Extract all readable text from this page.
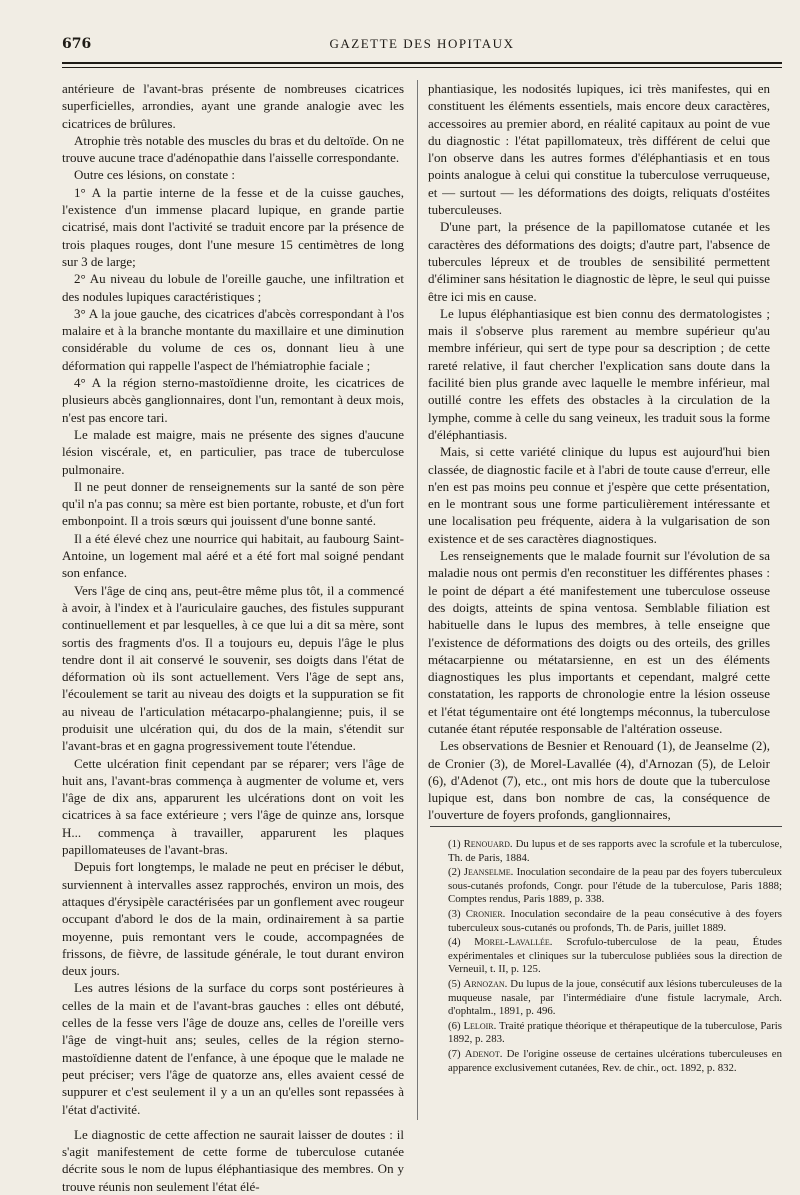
676	GAZETTE DES HOPITAUX

antérieure de l'avant-bras présente de nombreuses cicatrices superficielles, arrondies, ayant une grande analogie avec les cicatrices de brûlures.

Atrophie très notable des muscles du bras et du deltoïde. On ne trouve aucune trace d'adénopathie dans l'aisselle correspondante.

Outre ces lésions, on constate :

1° A la partie interne de la fesse et de la cuisse gauches, l'existence d'un immense placard lupique, en grande partie cicatrisé, mais dont l'activité se traduit encore par la présence de trois plaques rouges, dont l'une mesure 15 centimètres de long sur 3 de large;

2° Au niveau du lobule de l'oreille gauche, une infiltration et des nodules lupiques caractéristiques ;

3° A la joue gauche, des cicatrices d'abcès correspondant à l'os malaire et à la branche montante du maxillaire et une diminution considérable du volume de ces os, donnant lieu à une déformation qui rappelle l'aspect de l'hémiatrophie faciale ;

4° A la région sterno-mastoïdienne droite, les cicatrices de plusieurs abcès ganglionnaires, dont l'un, remontant à deux mois, n'est pas encore tari.

Le malade est maigre, mais ne présente des signes d'aucune lésion viscérale, et, en particulier, pas trace de tuberculose pulmonaire.

Il ne peut donner de renseignements sur la santé de son père qu'il n'a pas connu; sa mère est bien portante, robuste, et d'un fort embonpoint. Il a trois sœurs qui jouissent d'une bonne santé.

Il a été élevé chez une nourrice qui habitait, au faubourg Saint-Antoine, un logement mal aéré et a été fort mal soigné pendant son enfance.

Vers l'âge de cinq ans, peut-être même plus tôt, il a commencé à avoir, à l'index et à l'auriculaire gauches, des fistules suppurant continuellement et par lesquelles, à ce que lui a dit sa mère, sont sortis des fragments d'os. Il a toujours eu, depuis l'âge le plus tendre dont il ait conservé le souvenir, ses doigts dans l'état de déformation où ils sont actuellement. Vers l'âge de sept ans, l'écoulement se tarit au niveau des doigts et la suppuration se fit au niveau de l'articulation métacarpo-phalangienne; puis, il se produisit une ulcération qui, du dos de la main, s'étendit sur l'avant-bras et en gagna progressivement toute l'étendue.

Cette ulcération finit cependant par se réparer; vers l'âge de huit ans, l'avant-bras commença à augmenter de volume et, vers l'âge de dix ans, apparurent les ulcérations dont on voit les cicatrices à sa face extérieure ; vers l'âge de quinze ans, lorsque H... commença à travailler, apparurent les plaques papillomateuses de l'avant-bras.

Depuis fort longtemps, le malade ne peut en préciser le début, surviennent à intervalles assez rapprochés, environ un mois, des attaques d'érysipèle caractérisées par un gonflement avec rougeur occupant d'abord le dos de la main, ordinairement à sa partie moyenne, puis remontant vers le coude, accompagnées de frissons, de fièvre, de lassitude générale, le tout durant environ deux jours.

Les autres lésions de la surface du corps sont postérieures à celles de la main et de l'avant-bras gauches : elles ont débuté, celles de la fesse vers l'âge de douze ans, celles de l'oreille vers l'âge de vingt-huit ans; seules, celles de la région sterno-mastoïdienne datent de l'enfance, à une époque que le malade ne peut préciser; vers l'âge de quatorze ans, elles avaient cessé de suppurer et c'est seulement il y a un an qu'elles sont repassées à l'état d'activité.

Le diagnostic de cette affection ne saurait laisser de doutes : il s'agit manifestement de cette forme de tuberculose cutanée décrite sous le nom de lupus éléphantiasique des membres. On y trouve réunis non seulement l'état élé-

phantiasique, les nodosités lupiques, ici très manifestes, qui en constituent les éléments essentiels, mais encore deux caractères, accessoires au premier abord, en réalité capitaux au point de vue du diagnostic : l'état papillomateux, très différent de celui que l'on observe dans les autres formes d'éléphantiasis et en tous points analogue à celui qui constitue la tuberculose verruqueuse, et — surtout — les déformations des doigts, reliquats d'ostéites tuberculeuses.

D'une part, la présence de la papillomatose cutanée et les caractères des déformations des doigts; d'autre part, l'absence de tubercules lépreux et de troubles de sensibilité permettent d'éliminer sans hésitation le diagnostic de lèpre, le seul qui puisse être ici mis en cause.

Le lupus éléphantiasique est bien connu des dermatologistes ; mais il s'observe plus rarement au membre supérieur qu'au membre inférieur, qui sert de type pour sa description ; de cette rareté relative, il faut chercher l'explication sans doute dans la facilité bien plus grande avec laquelle le membre inférieur, mal outillé contre les effets des obstacles à la circulation de la lymphe, comme à celle du sang veineux, les traduit sous la forme d'éléphantiasis.

Mais, si cette variété clinique du lupus est aujourd'hui bien classée, de diagnostic facile et à l'abri de toute cause d'erreur, elle n'en est pas moins peu connue et j'espère que cette présentation, en le montrant sous une forme particulièrement intéressante et une localisation peu fréquente, aidera à la vulgarisation de son existence et de ses caractères diagnostiques.

Les renseignements que le malade fournit sur l'évolution de sa maladie nous ont permis d'en reconstituer les différentes phases : le point de départ a été manifestement une tuberculose osseuse des doigts, atteints de spina ventosa. Semblable filiation est habituelle dans le lupus des membres, à telle enseigne que l'existence de déformations des doigts ou des orteils, des grilles métacarpienne ou métatarsienne, en est un des éléments diagnostiques les plus importants et cependant, malgré cette constatation, les rapports de chronologie entre la lésion osseuse et l'état tégumentaire ont été longtemps méconnus, la tuberculose cutanée étant réputée responsable de l'altération osseuse.

Les observations de Besnier et Renouard (1), de Jeanselme (2), de Cronier (3), de Morel-Lavallée (4), d'Arnozan (5), de Leloir (6), d'Adenot (7), etc., ont mis hors de doute que la tuberculose lupique est, dans bon nombre de cas, la conséquence de l'ouverture de foyers profonds, ganglionnaires,

(1) Renouard. Du lupus et de ses rapports avec la scrofule et la tuberculose, Th. de Paris, 1884.

(2) Jeanselme. Inoculation secondaire de la peau par des foyers tuberculeux sous-cutanés profonds, Congr. pour l'étude de la tuberculose, Paris 1888; Comptes rendus, Paris 1889, p. 338.

(3) Cronier. Inoculation secondaire de la peau consécutive à des foyers tuberculeux sous-cutanés ou profonds, Th. de Paris, juillet 1889.

(4) Morel-Lavallée. Scrofulo-tuberculose de la peau, Études expérimentales et cliniques sur la tuberculose publiées sous la direction de Verneuil, t. II, p. 125.

(5) Arnozan. Du lupus de la joue, consécutif aux lésions tuberculeuses de la muqueuse nasale, par l'intermédiaire d'une fistule lacrymale, Arch. d'ophtalm., 1891, p. 496.

(6) Leloir. Traité pratique théorique et thérapeutique de la tuberculose, Paris 1892, p. 283.

(7) Adenot. De l'origine osseuse de certaines ulcérations tuberculeuses en apparence exclusivement cutanées, Rev. de chir., oct. 1892, p. 832.
